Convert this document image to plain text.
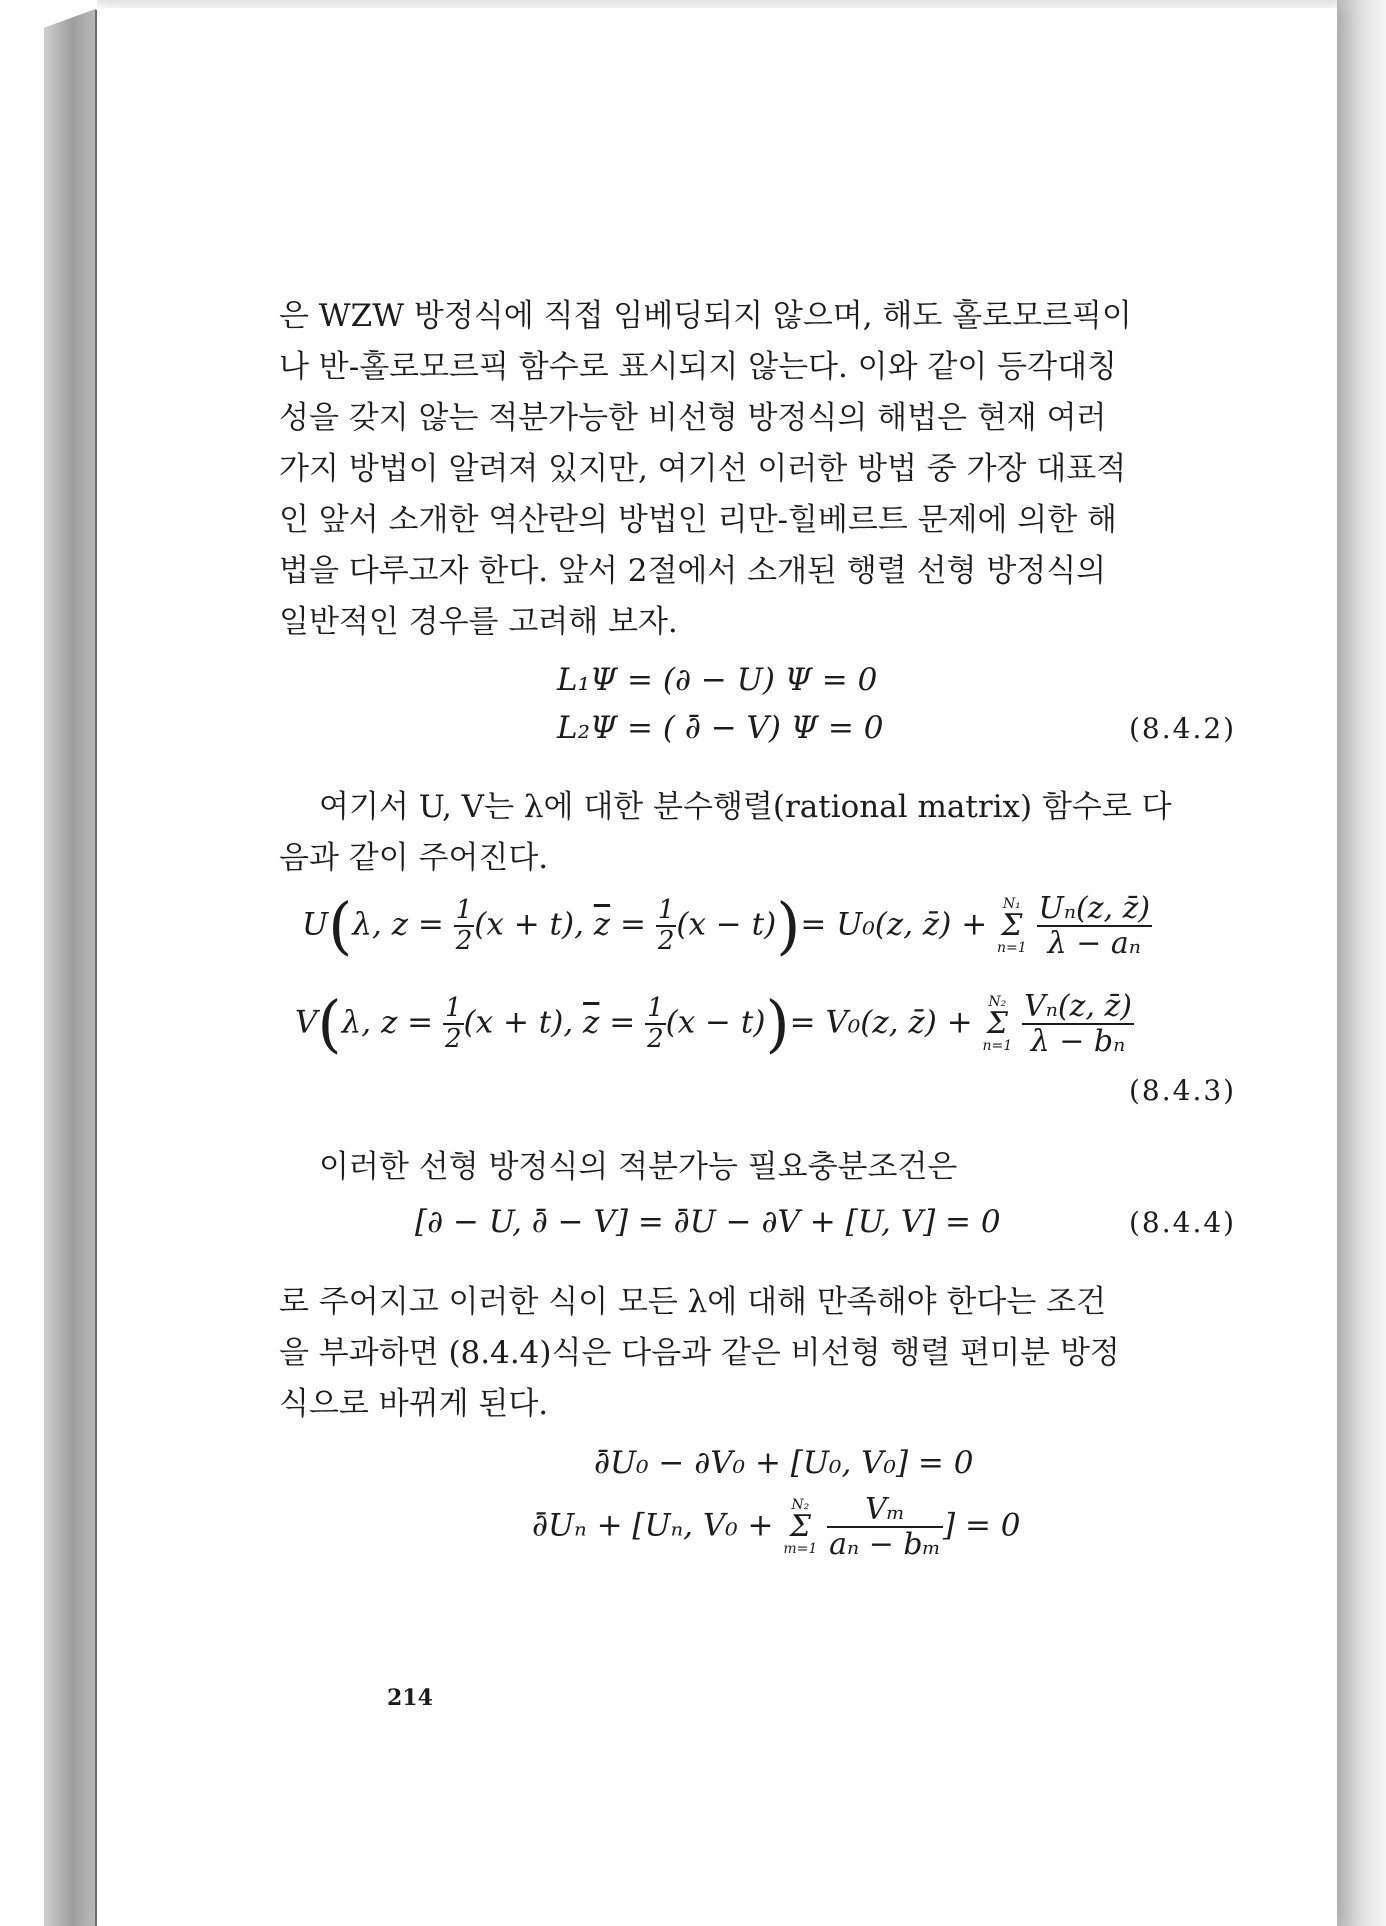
은 WZW 방정식에 직접 임베딩되지 않으며, 해도 홀로모르픽이
나 반-홀로모르픽 함수로 표시되지 않는다. 이와 같이 등각대칭
성을 갖지 않는 적분가능한 비선형 방정식의 해법은 현재 여러
가지 방법이 알려져 있지만, 여기선 이러한 방법 중 가장 대표적
인 앞서 소개한 역산란의 방법인 리만-힐베르트 문제에 의한 해
법을 다루고자 한다. 앞서 2절에서 소개된 행렬 선형 방정식의
일반적인 경우를 고려해 보자.
L₁Ψ = (∂ − U) Ψ = 0
L₂Ψ = ( ∂̄ − V) Ψ = 0	(8.4.2)
여기서 U, V는 λ에 대한 분수행렬(rational matrix) 함수로 다
음과 같이 주어진다.
U(λ, $z = \frac{1}{2} (x + t)$, $\overline{z} = \frac{1}{2} (x - t))= U_0(z$, z̄) + N₁
Σ
$n=1 \frac{\text{Uₙ(z, z̄)}}{\text{λ − aₙ}}$
V(λ, $z = \frac{1}{2} (x + t)$, $\overline{z} = \frac{1}{2} (x - t))= V_0(z$, z̄) + N₂
Σ
$n=1 \frac{\text{Vₙ(z, z̄)}}{\text{λ − bₙ}}$
(8.4.3)
이러한 선형 방정식의 적분가능 필요충분조건은
[∂ − U, ∂̄ − V] = ∂̄U − ∂V + [U, V] = 0	(8.4.4)
로 주어지고 이러한 식이 모든 λ에 대해 만족해야 한다는 조건
을 부과하면 (8.4.4)식은 다음과 같은 비선형 행렬 편미분 방정
식으로 바뀌게 된다.
∂̄U₀ − ∂V₀ + [U₀, V₀] = 0
∂̄Uₙ + [Uₙ, V₀ + N₂
Σ
$m=1 \frac{\text{Vₘ}}{\text{aₙ − bₘ}}$ ] = 0
214
